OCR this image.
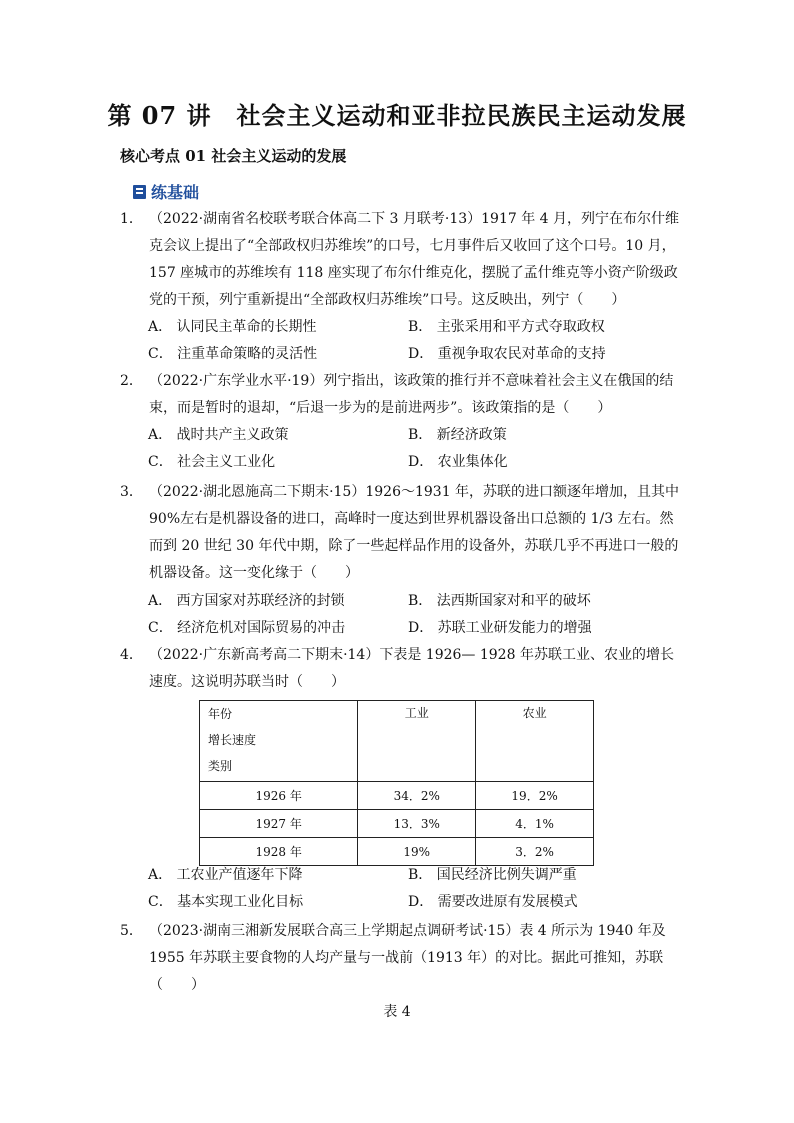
第 07 讲　社会主义运动和亚非拉民族民主运动发展
核心考点 01 社会主义运动的发展
练基础
1． （2022·湖南省名校联考联合体高二下 3 月联考·13）1917 年 4 月，列宁在布尔什维克会议上提出了“全部政权归苏维埃”的口号，七月事件后又收回了这个口号。10 月，157 座城市的苏维埃有 118 座实现了布尔什维克化，摆脱了孟什维克等小资产阶级政党的干预，列宁重新提出“全部政权归苏维埃”口号。这反映出，列宁（　　）
A． 认同民主革命的长期性	B． 主张采用和平方式夺取政权
C． 注重革命策略的灵活性	D． 重视争取农民对革命的支持
2． （2022·广东学业水平·19）列宁指出，该政策的推行并不意味着社会主义在俄国的结束，而是暂时的退却，“后退一步为的是前进两步”。该政策指的是（　　）
A． 战时共产主义政策	B． 新经济政策
C． 社会主义工业化	D． 农业集体化
3． （2022·湖北恩施高二下期末·15）1926～1931 年，苏联的进口额逐年增加，且其中 90%左右是机器设备的进口，高峰时一度达到世界机器设备出口总额的 1/3 左右。然而到 20 世纪 30 年代中期，除了一些起样品作用的设备外，苏联几乎不再进口一般的机器设备。这一变化缘于（　　）
A． 西方国家对苏联经济的封锁	B． 法西斯国家对和平的破坏
C． 经济危机对国际贸易的冲击	D． 苏联工业研发能力的增强
4． （2022·广东新高考高二下期末·14）下表是 1926— 1928 年苏联工业、农业的增长速度。这说明苏联当时（　　）
年份
增长速度
类别	工业	农业
1926 年	34．2%	19．2%
1927 年	13．3%	4．1%
1928 年	19%	3．2%
A． 工农业产值逐年下降	B． 国民经济比例失调严重
C． 基本实现工业化目标	D． 需要改进原有发展模式
5． （2023·湖南三湘新发展联合高三上学期起点调研考试·15）表 4 所示为 1940 年及 1955 年苏联主要食物的人均产量与一战前（1913 年）的对比。据此可推知，苏联（　　）
表 4
